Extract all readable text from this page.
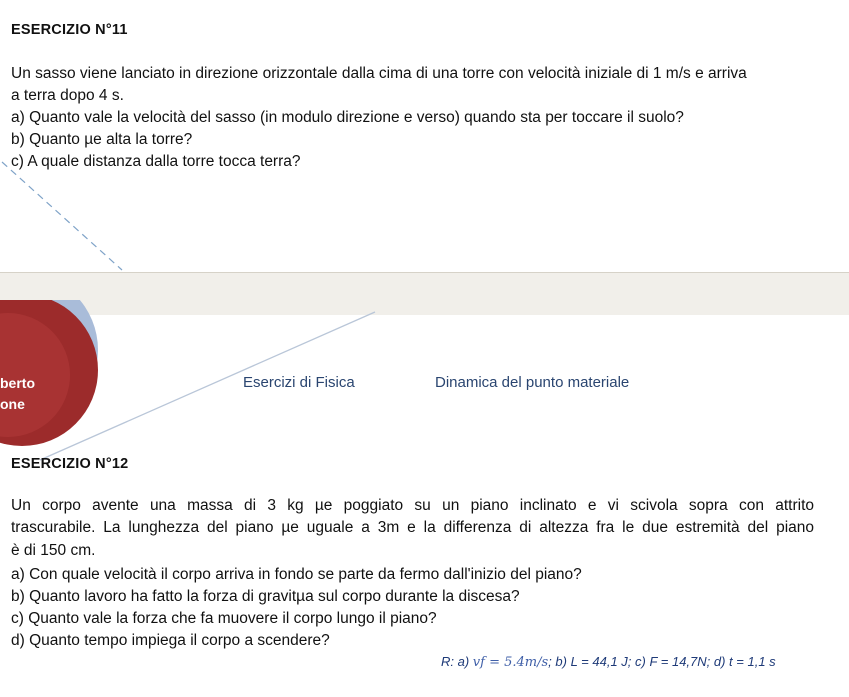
ESERCIZIO N°11
Un sasso viene lanciato in direzione orizzontale dalla cima di una torre con velocità iniziale di 1 m/s e arriva
a terra dopo 4 s.
a) Quanto vale la velocità del sasso (in modulo direzione e verso) quando sta per toccare il suolo?
b) Quanto µe alta la torre?
c) A quale distanza dalla torre tocca terra?
berto
one
Esercizi di Fisica	Dinamica del punto materiale
ESERCIZIO N°12
Un corpo avente una massa di 3 kg µe poggiato su un piano inclinato e vi scivola sopra con attrito
trascurabile. La lunghezza del piano µe uguale a 3m e la differenza di altezza fra le due estremità del piano
è di 150 cm.
a) Con quale velocità il corpo arriva in fondo se parte da fermo dall'inizio del piano?
b) Quanto lavoro ha fatto la forza di gravitµa sul corpo durante la discesa?
c) Quanto vale la forza che fa muovere il corpo lungo il piano?
d) Quanto tempo impiega il corpo a scendere?
R: a) vf = 5.4m/s; b) L = 44,1 J; c) F = 14,7N; d) t = 1,1 s
